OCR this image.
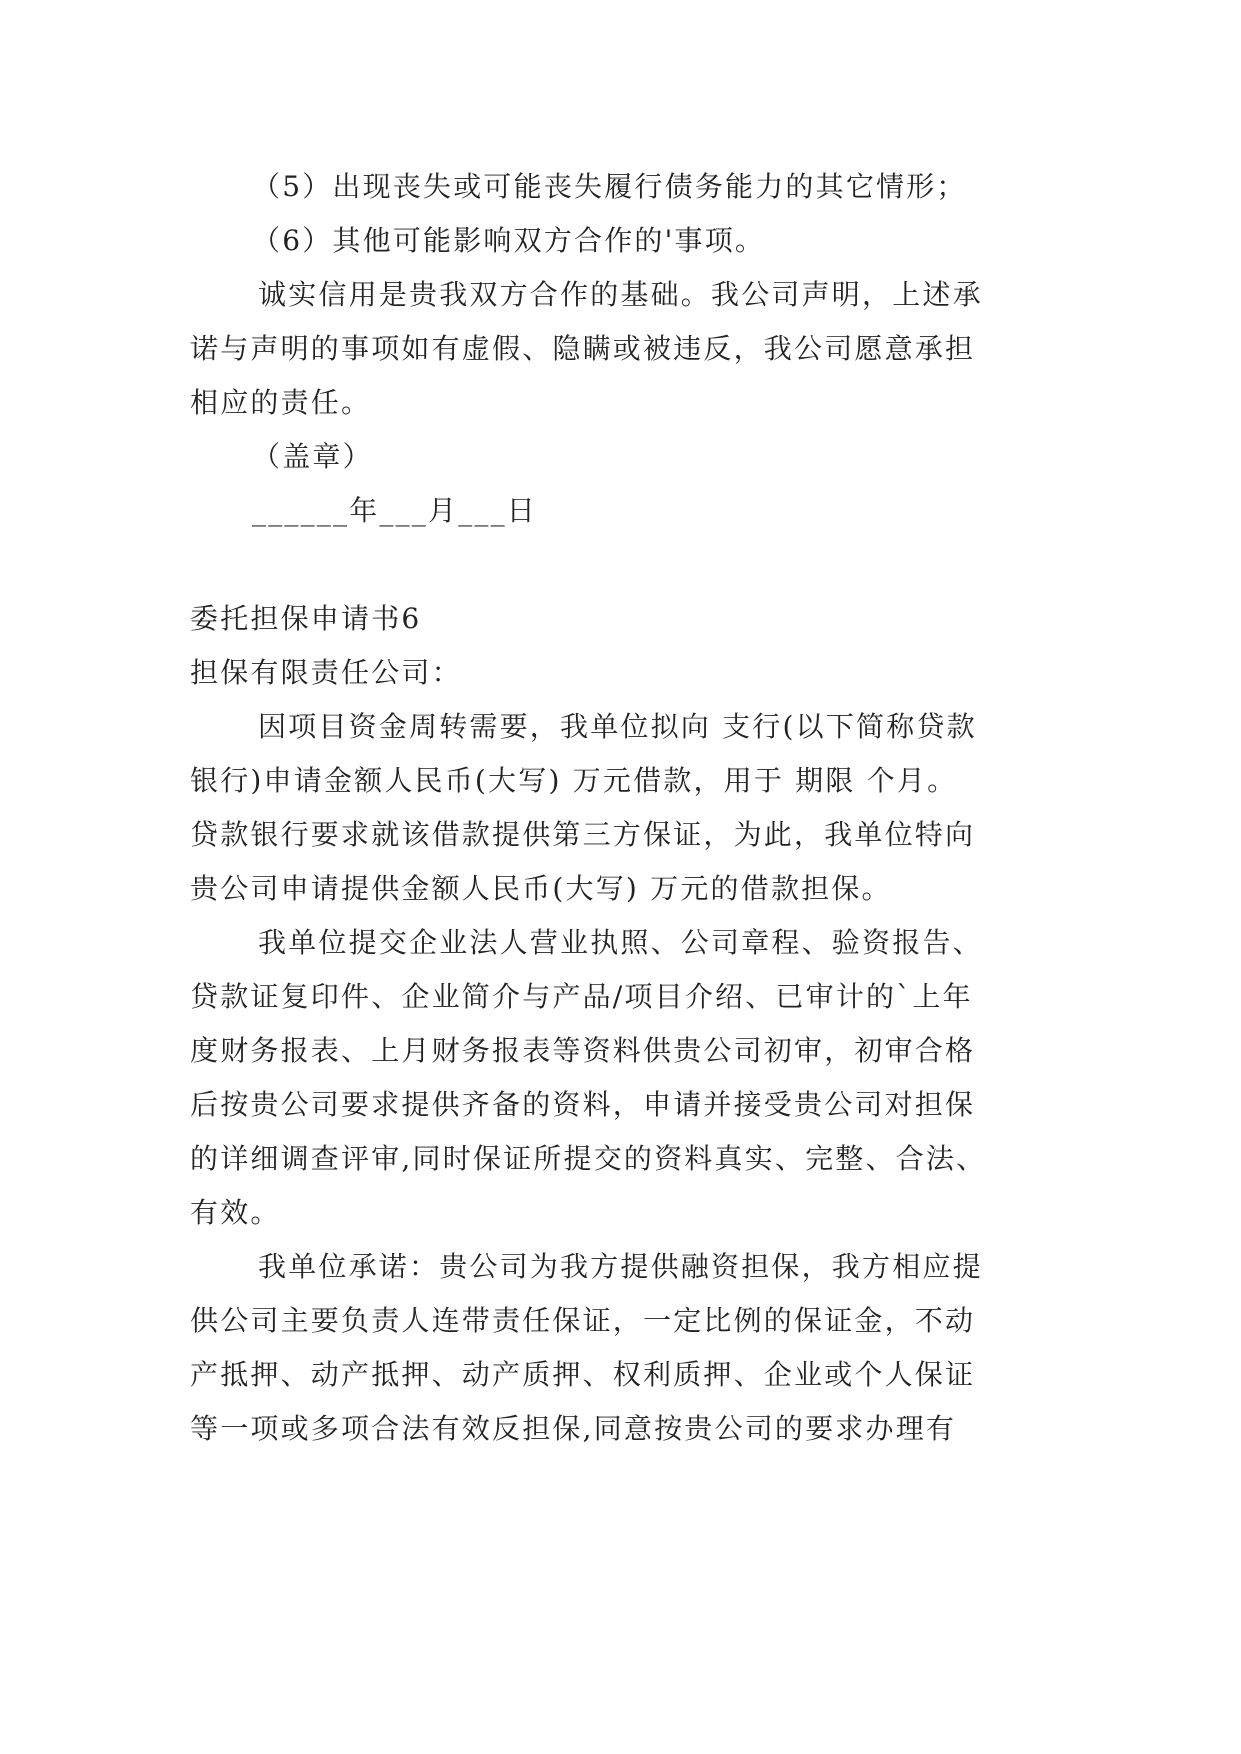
（5）出现丧失或可能丧失履行债务能力的其它情形；
（6）其他可能影响双方合作的'事项。
诚实信用是贵我双方合作的基础。我公司声明，上述承
诺与声明的事项如有虚假、隐瞒或被违反，我公司愿意承担
相应的责任。
（盖章）
______年___月___日
委托担保申请书6
担保有限责任公司：
因项目资金周转需要，我单位拟向 支行(以下简称贷款
银行)申请金额人民币(大写) 万元借款，用于 期限 个月。
贷款银行要求就该借款提供第三方保证，为此，我单位特向
贵公司申请提供金额人民币(大写) 万元的借款担保。
我单位提交企业法人营业执照、公司章程、验资报告、
贷款证复印件、企业简介与产品/项目介绍、已审计的`上年
度财务报表、上月财务报表等资料供贵公司初审，初审合格
后按贵公司要求提供齐备的资料，申请并接受贵公司对担保
的详细调查评审,同时保证所提交的资料真实、完整、合法、
有效。
我单位承诺：贵公司为我方提供融资担保，我方相应提
供公司主要负责人连带责任保证，一定比例的保证金，不动
产抵押、动产抵押、动产质押、权利质押、企业或个人保证
等一项或多项合法有效反担保,同意按贵公司的要求办理有
